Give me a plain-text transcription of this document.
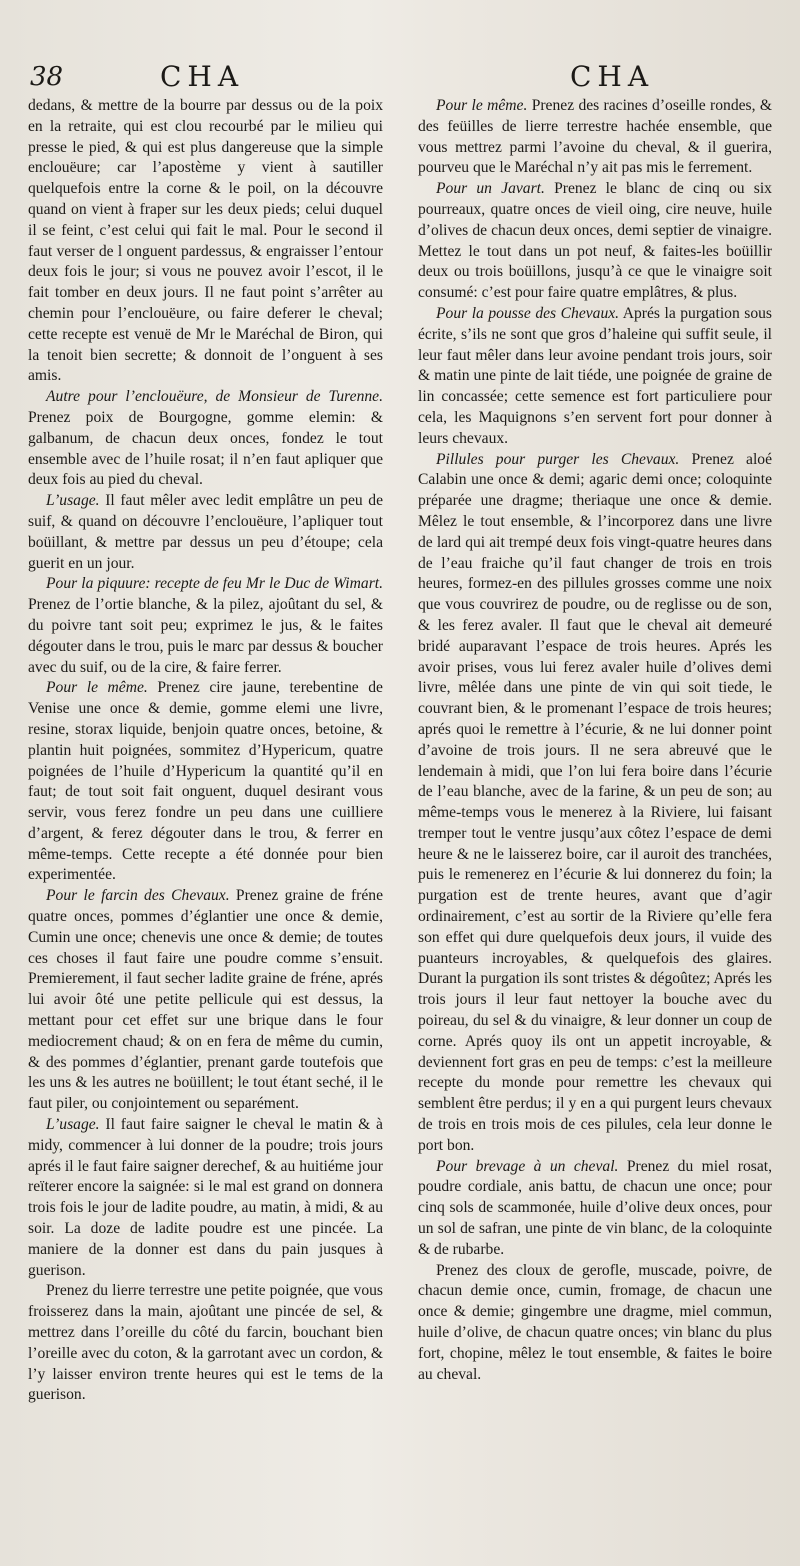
38	CHA	CHA

dedans, & mettre de la bourre par dessus ou de la poix en la retraite, qui est clou recourbé par le milieu qui presse le pied, & qui est plus dangereuse que la simple enclouëure; car l’apostème y vient à sautiller quelquefois entre la corne & le poil, on la découvre quand on vient à fraper sur les deux pieds; celui duquel il se feint, c’est celui qui fait le mal. Pour le second il faut verser de l onguent pardessus, & engraisser l’entour deux fois le jour; si vous ne pouvez avoir l’escot, il le fait tomber en deux jours. Il ne faut point s’arrêter au chemin pour l’enclouëure, ou faire deferer le cheval; cette recepte est venuë de Mr le Maréchal de Biron, qui la tenoit bien secrette; & donnoit de l’onguent à ses amis.

Autre pour l’enclouëure, de Monsieur de Turenne. Prenez poix de Bourgogne, gomme elemin: & galbanum, de chacun deux onces, fondez le tout ensemble avec de l’huile rosat; il n’en faut apliquer que deux fois au pied du cheval.

L’usage. Il faut mêler avec ledit emplâtre un peu de suif, & quand on découvre l’enclouëure, l’apliquer tout boüillant, & mettre par dessus un peu d’étoupe; cela guerit en un jour.

Pour la piquure: recepte de feu Mr le Duc de Wimart. Prenez de l’ortie blanche, & la pilez, ajoûtant du sel, & du poivre tant soit peu; exprimez le jus, & le faites dégouter dans le trou, puis le marc par dessus & boucher avec du suif, ou de la cire, & faire ferrer.

Pour le même. Prenez cire jaune, terebentine de Venise une once & demie, gomme elemi une livre, resine, storax liquide, benjoin quatre onces, betoine, & plantin huit poignées, sommitez d’Hypericum, quatre poignées de l’huile d’Hypericum la quantité qu’il en faut; de tout soit fait onguent, duquel desirant vous servir, vous ferez fondre un peu dans une cuilliere d’argent, & ferez dégouter dans le trou, & ferrer en même-temps. Cette recepte a été donnée pour bien experimentée.

Pour le farcin des Chevaux. Prenez graine de fréne quatre onces, pommes d’églantier une once & demie, Cumin une once; chenevis une once & demie; de toutes ces choses il faut faire une poudre comme s’ensuit. Premierement, il faut secher ladite graine de fréne, aprés lui avoir ôté une petite pellicule qui est dessus, la mettant pour cet effet sur une brique dans le four mediocrement chaud; & on en fera de même du cumin, & des pommes d’églantier, prenant garde toutefois que les uns & les autres ne boüillent; le tout étant seché, il le faut piler, ou conjointement ou separément.

L’usage. Il faut faire saigner le cheval le matin & à midy, commencer à lui donner de la poudre; trois jours aprés il le faut faire saigner derechef, & au huitiéme jour reïterer encore la saignée: si le mal est grand on donnera trois fois le jour de ladite poudre, au matin, à midi, & au soir. La doze de ladite poudre est une pincée. La maniere de la donner est dans du pain jusques à guerison.

Prenez du lierre terrestre une petite poignée, que vous froisserez dans la main, ajoûtant une pincée de sel, & mettrez dans l’oreille du côté du farcin, bouchant bien l’oreille avec du coton, & la garrotant avec un cordon, & l’y laisser environ trente heures qui est le tems de la guerison.

Pour le même. Prenez des racines d’oseille rondes, & des feüilles de lierre terrestre hachée ensemble, que vous mettrez parmi l’avoine du cheval, & il guerira, pourveu que le Maréchal n’y ait pas mis le ferrement.

Pour un Javart. Prenez le blanc de cinq ou six pourreaux, quatre onces de vieil oing, cire neuve, huile d’olives de chacun deux onces, demi septier de vinaigre. Mettez le tout dans un pot neuf, & faites-les boüillir deux ou trois boüillons, jusqu’à ce que le vinaigre soit consumé: c’est pour faire quatre emplâtres, & plus.

Pour la pousse des Chevaux. Aprés la purgation sous écrite, s’ils ne sont que gros d’haleine qui suffit seule, il leur faut mêler dans leur avoine pendant trois jours, soir & matin une pinte de lait tiéde, une poignée de graine de lin concassée; cette semence est fort particuliere pour cela, les Maquignons s’en servent fort pour donner à leurs chevaux.

Pillules pour purger les Chevaux. Prenez aloé Calabin une once & demi; agaric demi once; coloquinte préparée une dragme; theriaque une once & demie. Mêlez le tout ensemble, & l’incorporez dans une livre de lard qui ait trempé deux fois vingt-quatre heures dans de l’eau fraiche qu’il faut changer de trois en trois heures, formez-en des pillules grosses comme une noix que vous couvrirez de poudre, ou de reglisse ou de son, & les ferez avaler. Il faut que le cheval ait demeuré bridé auparavant l’espace de trois heures. Aprés les avoir prises, vous lui ferez avaler huile d’olives demi livre, mêlée dans une pinte de vin qui soit tiede, le couvrant bien, & le promenant l’espace de trois heures; aprés quoi le remettre à l’écurie, & ne lui donner point d’avoine de trois jours. Il ne sera abreuvé que le lendemain à midi, que l’on lui fera boire dans l’écurie de l’eau blanche, avec de la farine, & un peu de son; au même-temps vous le menerez à la Riviere, lui faisant tremper tout le ventre jusqu’aux côtez l’espace de demi heure & ne le laisserez boire, car il auroit des tranchées, puis le remenerez en l’écurie & lui donnerez du foin; la purgation est de trente heures, avant que d’agir ordinairement, c’est au sortir de la Riviere qu’elle fera son effet qui dure quelquefois deux jours, il vuide des puanteurs incroyables, & quelquefois des glaires. Durant la purgation ils sont tristes & dégoûtez; Aprés les trois jours il leur faut nettoyer la bouche avec du poireau, du sel & du vinaigre, & leur donner un coup de corne. Aprés quoy ils ont un appetit incroyable, & deviennent fort gras en peu de temps: c’est la meilleure recepte du monde pour remettre les chevaux qui semblent être perdus; il y en a qui purgent leurs chevaux de trois en trois mois de ces pilules, cela leur donne le port bon.

Pour brevage à un cheval. Prenez du miel rosat, poudre cordiale, anis battu, de chacun une once; pour cinq sols de scammonée, huile d’olive deux onces, pour un sol de safran, une pinte de vin blanc, de la coloquinte & de rubarbe.

Prenez des cloux de gerofle, muscade, poivre, de chacun demie once, cumin, fromage, de chacun une once & demie; gingembre une dragme, miel commun, huile d’olive, de chacun quatre onces; vin blanc du plus fort, chopine, mêlez le tout ensemble, & faites le boire au cheval.
